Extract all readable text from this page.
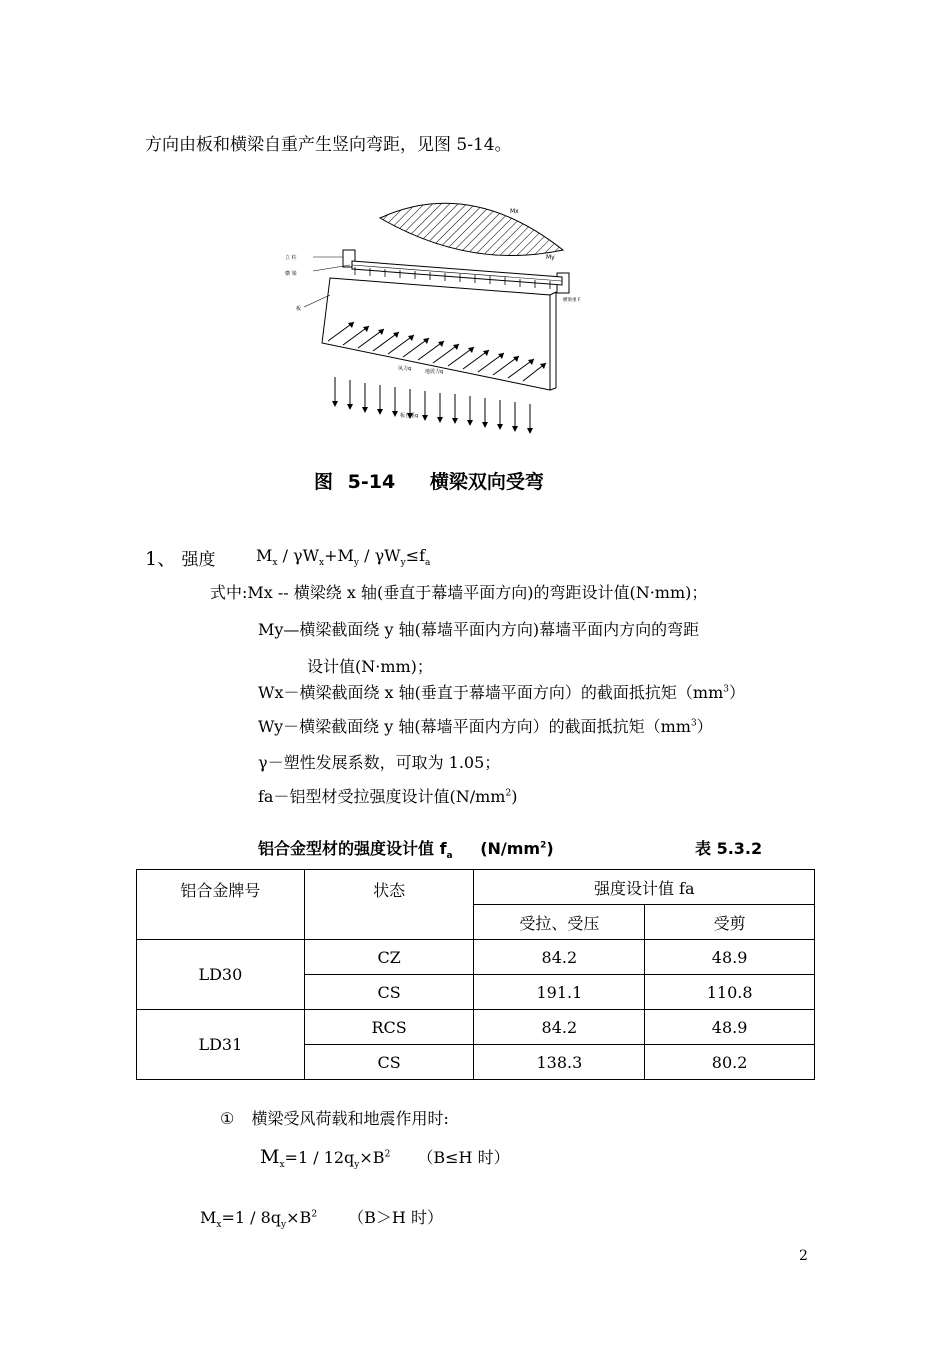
方向由板和横梁自重产生竖向弯距，见图 5-14。
Mx
My
立 柱
横 梁
板
横梁重 F
风力q	地震力q
板自重q
图 5-14 横梁双向受弯
1、 强度	$M_x / \gamma W_x+M_y / \gamma W_y\le f_a$
式中:Mx -- 横梁绕 x 轴(垂直于幕墙平面方向)的弯距设计值(N·mm)；
My—横梁截面绕 y 轴(幕墙平面内方向)幕墙平面内方向的弯距
设计值(N·mm)；
Wx－横梁截面绕 x 轴(垂直于幕墙平面方向）的截面抵抗矩$(mm^3)$
Wy－横梁截面绕 y 轴(幕墙平面内方向）的截面抵抗矩$(mm^3)$
γ－塑性发展系数，可取为 1.05；
fa－铝型材受拉强度设计值$(N/mm^2)$
铝合金型材的强度设计值 $f_a$ $(N/mm^2)$	表 5.3.2
铝合金牌号	状态	强度设计值 fa	
		受拉、受压	受剪
LD30	CZ	84.2	48.9
	CS	191.1	110.8
LD31	RCS	84.2	48.9
	CS	138.3	80.2
① 横梁受风荷载和地震作用时:
$M_x=1 / 12q_y\times B^2$ （B≤H 时）
$M_x=1 / 8q_y\times B^2$ （B＞H 时）
2
